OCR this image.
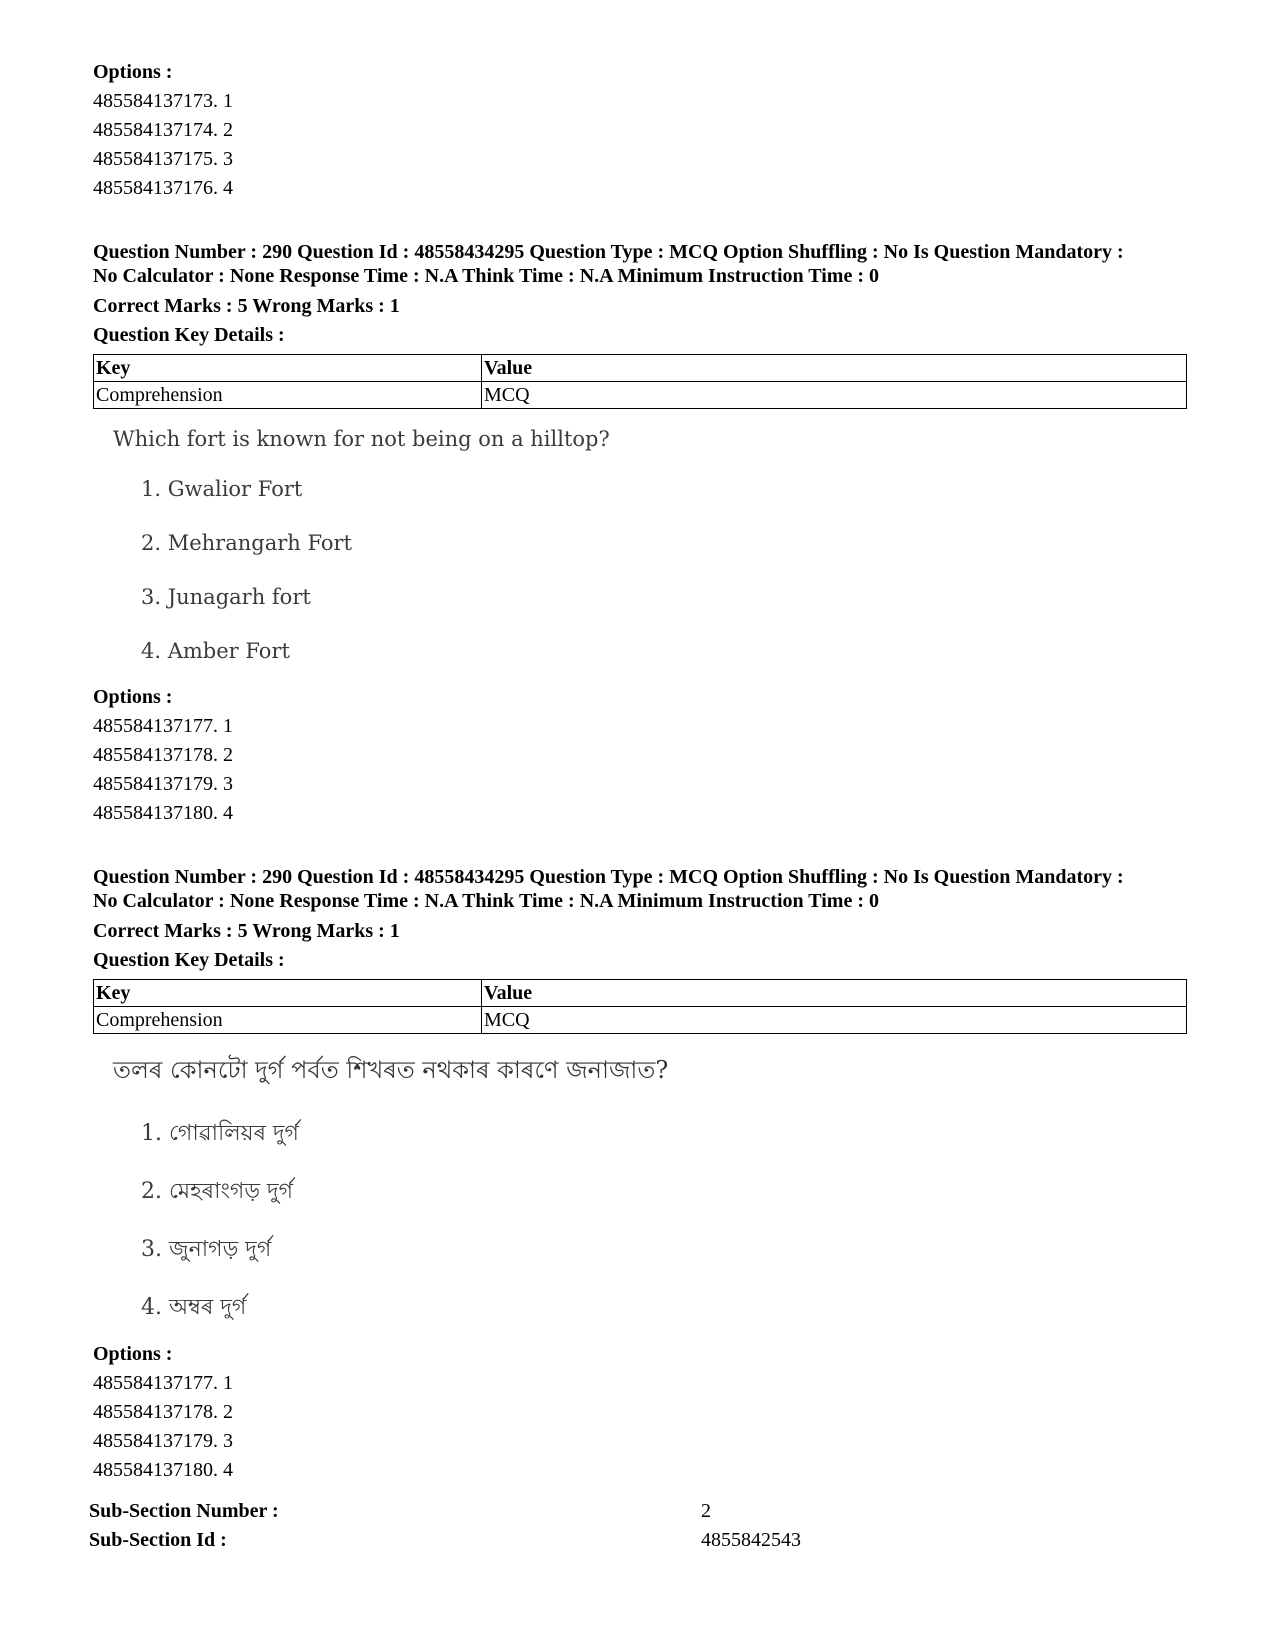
Options :
485584137173. 1
485584137174. 2
485584137175. 3
485584137176. 4
Question Number : 290 Question Id : 48558434295 Question Type : MCQ Option Shuffling : No Is Question Mandatory :
No Calculator : None Response Time : N.A Think Time : N.A Minimum Instruction Time : 0
Correct Marks : 5 Wrong Marks : 1
Question Key Details :
Key	Value
Comprehension	MCQ
Which fort is known for not being on a hilltop?
1. Gwalior Fort
2. Mehrangarh Fort
3. Junagarh fort
4. Amber Fort
Options :
485584137177. 1
485584137178. 2
485584137179. 3
485584137180. 4
Question Number : 290 Question Id : 48558434295 Question Type : MCQ Option Shuffling : No Is Question Mandatory :
No Calculator : None Response Time : N.A Think Time : N.A Minimum Instruction Time : 0
Correct Marks : 5 Wrong Marks : 1
Question Key Details :
Key	Value
Comprehension	MCQ
তলৰ কোনটো দুৰ্গ পৰ্বত শিখৰত নথকাৰ কাৰণে জনাজাত?
1. গোৱালিয়ৰ দুৰ্গ
2. মেহৰাংগড় দুৰ্গ
3. জুনাগড় দুৰ্গ
4. অম্বৰ দুৰ্গ
Options :
485584137177. 1
485584137178. 2
485584137179. 3
485584137180. 4
Sub-Section Number :	2
Sub-Section Id :	4855842543
